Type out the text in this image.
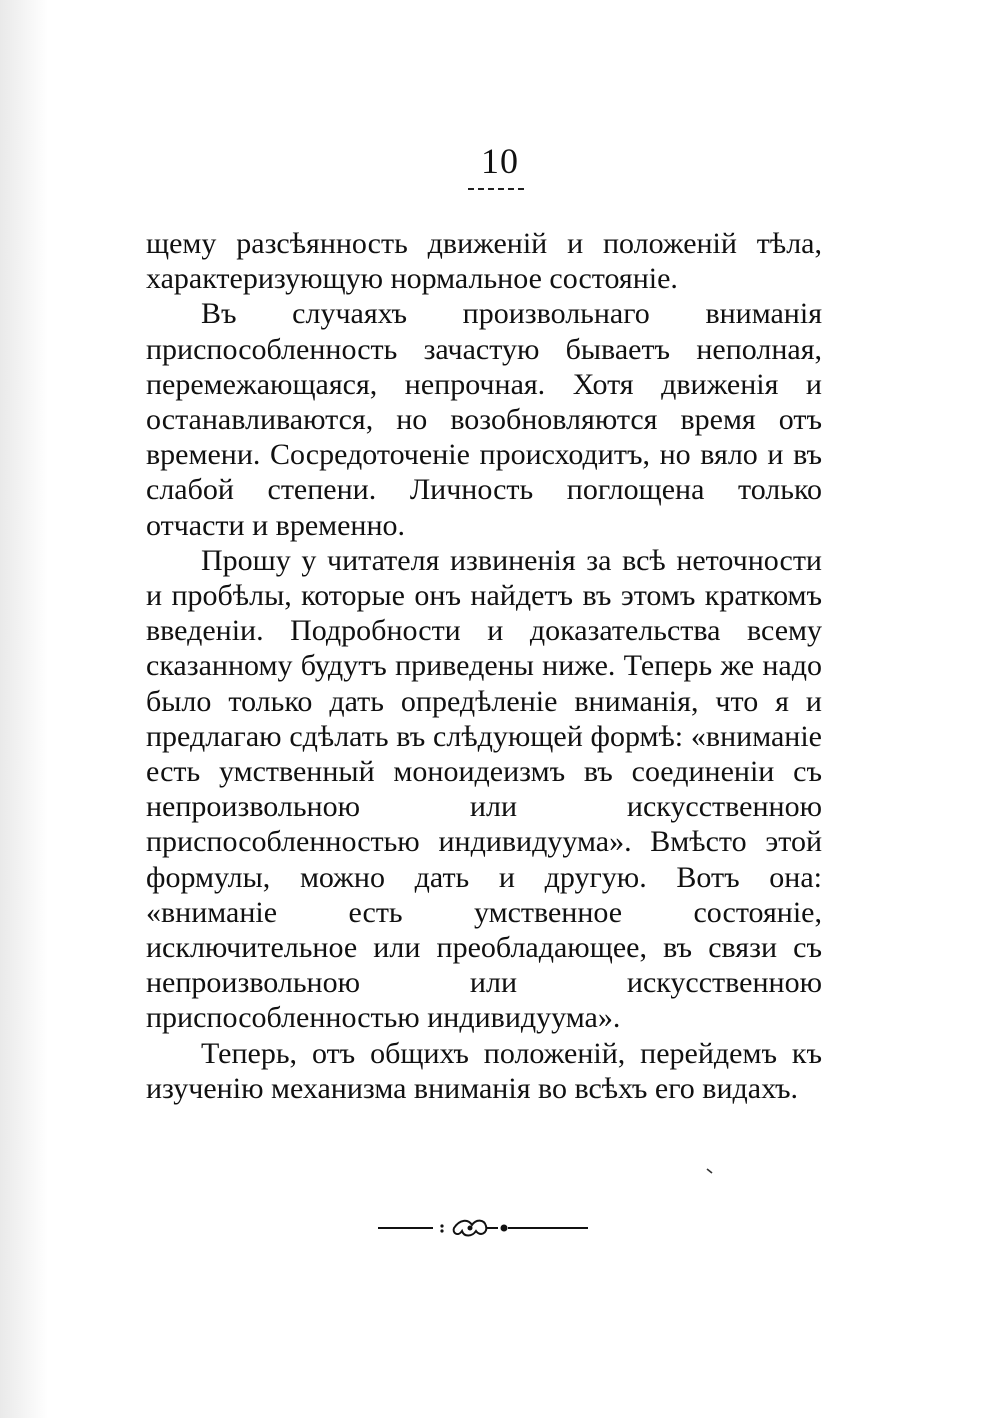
10

щему разсѣянность движеній и положеній тѣла, характеризующую нормальное состояніе.

Въ случаяхъ произвольнаго вниманія приспособленность зачастую бываетъ неполная, перемежающаяся, непрочная. Хотя движенія и останавливаются, но возобновляются время отъ времени. Сосредоточеніе происходитъ, но вяло и въ слабой степени. Личность поглощена только отчасти и временно.

Прошу у читателя извиненія за всѣ неточности и пробѣлы, которые онъ найдетъ въ этомъ краткомъ введеніи. Подробности и доказательства всему сказанному будутъ приведены ниже. Теперь же надо было только дать опредѣленіе вниманія, что я и предлагаю сдѣлать въ слѣдующей формѣ: «вниманіе есть умственный моноидеизмъ въ соединеніи съ непроизвольною или искусственною приспособленностью индивидуума». Вмѣсто этой формулы, можно дать и другую. Вотъ она: «вниманіе есть умственное состояніе, исключительное или преобладающее, въ связи съ непроизвольною или искусственною приспособленностью индивидуума».

Теперь, отъ общихъ положеній, перейдемъ къ изученію механизма вниманія во всѣхъ его видахъ.
